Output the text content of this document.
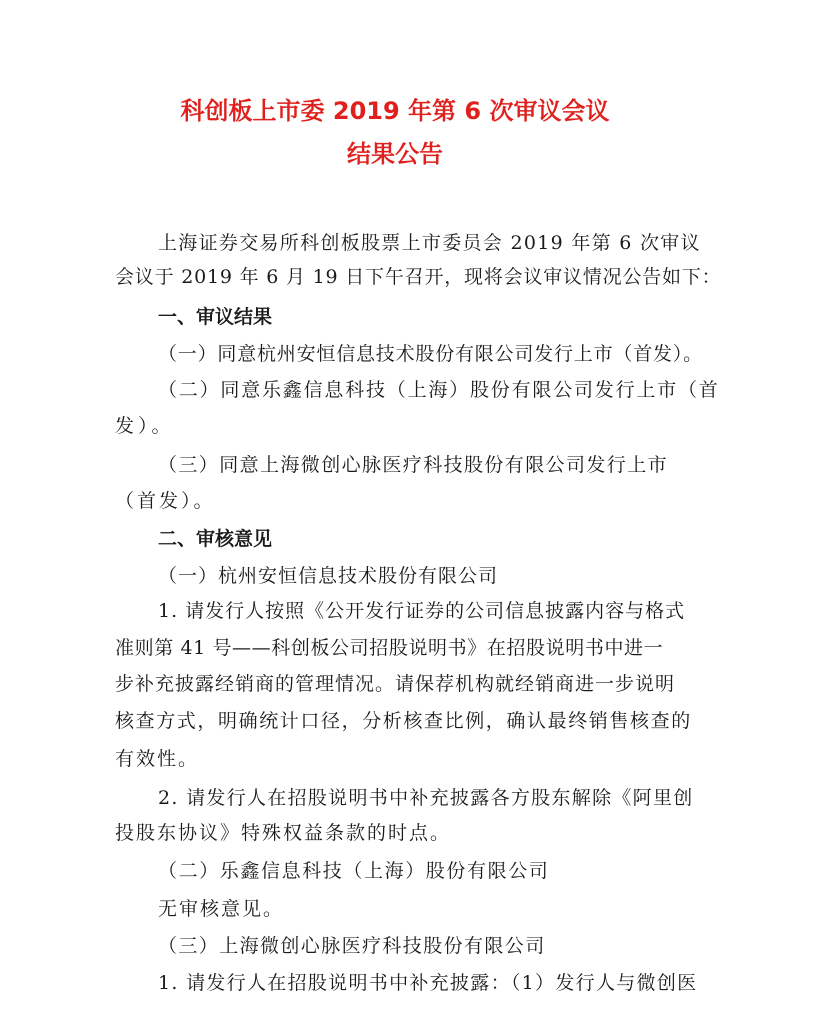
科创板上市委 2019 年第 6 次审议会议
结果公告
上海证券交易所科创板股票上市委员会 2019 年第 6 次审议
会议于 2019 年 6 月 19 日下午召开，现将会议审议情况公告如下：
一、审议结果
（一）同意杭州安恒信息技术股份有限公司发行上市（首发）。
（二）同意乐鑫信息科技（上海）股份有限公司发行上市（首
发）。
（三）同意上海微创心脉医疗科技股份有限公司发行上市
（首发）。
二、审核意见
（一）杭州安恒信息技术股份有限公司
1. 请发行人按照《公开发行证券的公司信息披露内容与格式
准则第 41 号——科创板公司招股说明书》在招股说明书中进一
步补充披露经销商的管理情况。请保荐机构就经销商进一步说明
核查方式，明确统计口径，分析核查比例，确认最终销售核查的
有效性。
2. 请发行人在招股说明书中补充披露各方股东解除《阿里创
投股东协议》特殊权益条款的时点。
（二）乐鑫信息科技（上海）股份有限公司
无审核意见。
（三）上海微创心脉医疗科技股份有限公司
1. 请发行人在招股说明书中补充披露：（1）发行人与微创医
